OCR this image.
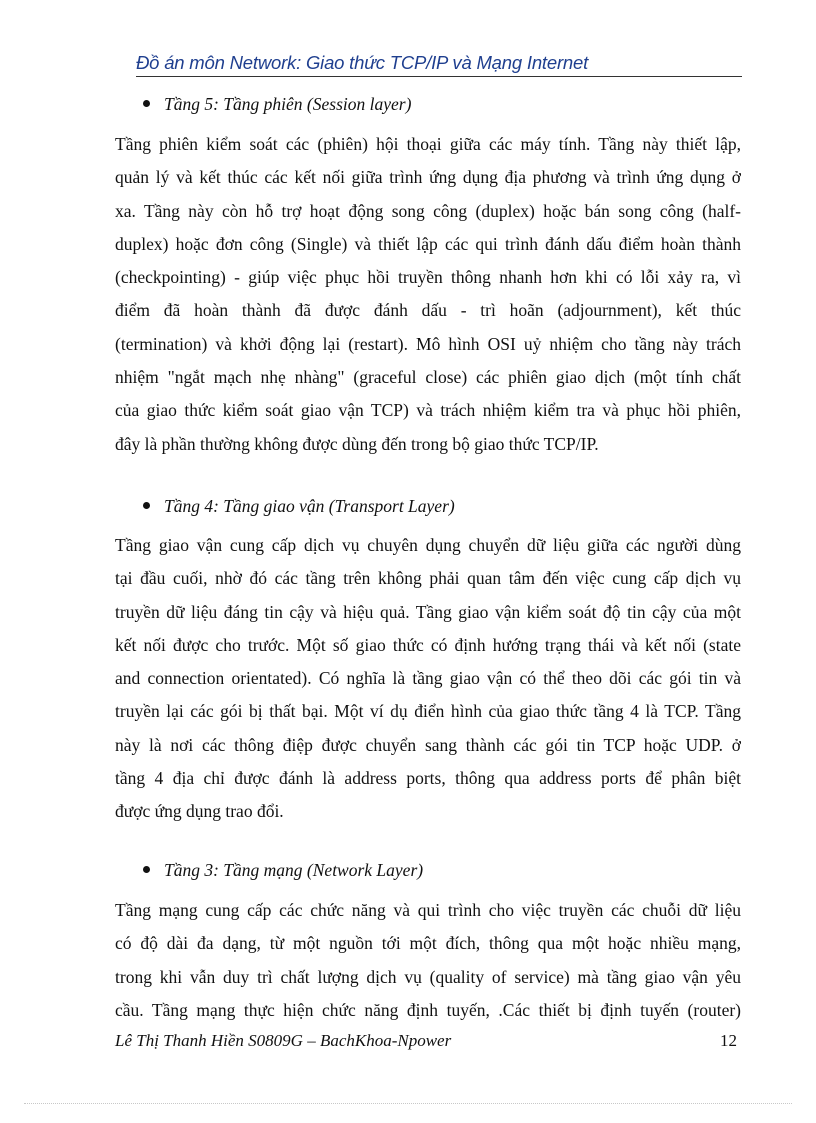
Đồ án môn Network: Giao thức TCP/IP và Mạng Internet
Tầng 5: Tầng phiên (Session layer)
Tầng phiên kiểm soát các (phiên) hội thoại giữa các máy tính. Tầng này thiết lập,
quản lý và kết thúc các kết nối giữa trình ứng dụng địa phương và trình ứng dụng ở
xa. Tầng này còn hỗ trợ hoạt động song công (duplex) hoặc bán song công (half-
duplex) hoặc đơn công (Single) và thiết lập các qui trình đánh dấu điểm hoàn thành
(checkpointing) - giúp việc phục hồi truyền thông nhanh hơn khi có lỗi xảy ra, vì
điểm đã hoàn thành đã được đánh dấu - trì hoãn (adjournment), kết thúc
(termination) và khởi động lại (restart). Mô hình OSI uỷ nhiệm cho tầng này trách
nhiệm "ngắt mạch nhẹ nhàng" (graceful close) các phiên giao dịch (một tính chất
của giao thức kiểm soát giao vận TCP) và trách nhiệm kiểm tra và phục hồi phiên,
đây là phần thường không được dùng đến trong bộ giao thức TCP/IP.
Tầng 4: Tầng giao vận (Transport Layer)
Tầng giao vận cung cấp dịch vụ chuyên dụng chuyển dữ liệu giữa các người dùng
tại đầu cuối, nhờ đó các tầng trên không phải quan tâm đến việc cung cấp dịch vụ
truyền dữ liệu đáng tin cậy và hiệu quả. Tầng giao vận kiểm soát độ tin cậy của một
kết nối được cho trước. Một số giao thức có định hướng trạng thái và kết nối (state
and connection orientated). Có nghĩa là tầng giao vận có thể theo dõi các gói tin và
truyền lại các gói bị thất bại. Một ví dụ điển hình của giao thức tầng 4 là TCP. Tầng
này là nơi các thông điệp được chuyển sang thành các gói tin TCP hoặc UDP. ở
tầng 4 địa chỉ được đánh là address ports, thông qua address ports để phân biệt
được ứng dụng trao đổi.
Tầng 3: Tầng mạng (Network Layer)
Tầng mạng cung cấp các chức năng và qui trình cho việc truyền các chuỗi dữ liệu
có độ dài đa dạng, từ một nguồn tới một đích, thông qua một hoặc nhiều mạng,
trong khi vẫn duy trì chất lượng dịch vụ (quality of service) mà tầng giao vận yêu
cầu. Tầng mạng thực hiện chức năng định tuyến, .Các thiết bị định tuyến (router)
Lê Thị Thanh Hiền S0809G – BachKhoa-Npower	12
